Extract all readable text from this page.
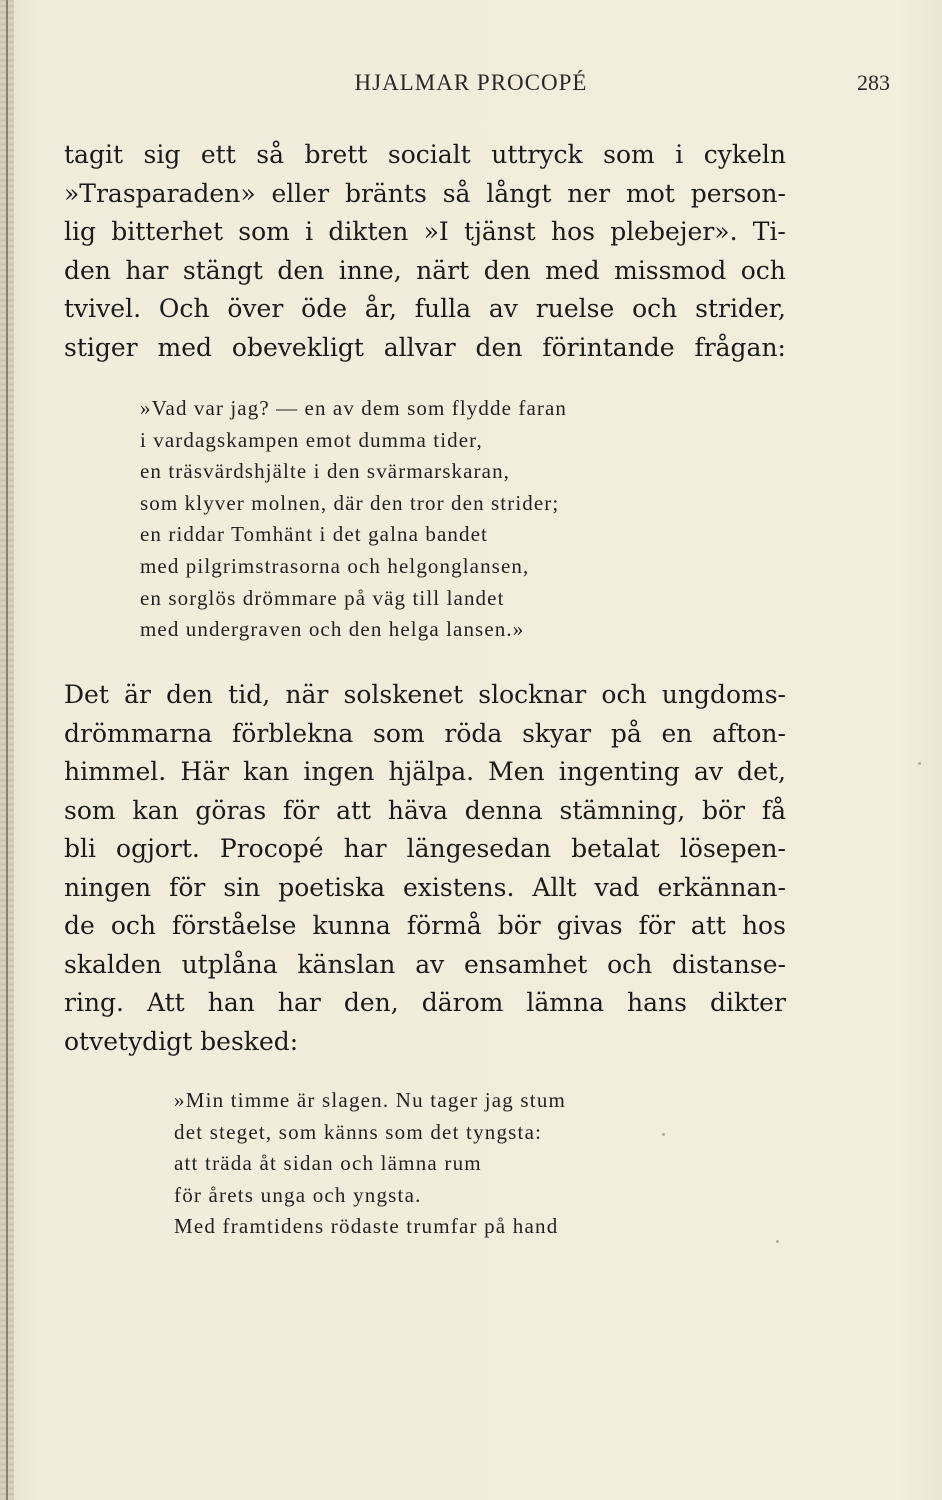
HJALMAR PROCOPÉ	283
tagit sig ett så brett socialt uttryck som i cykeln
»Trasparaden» eller bränts så långt ner mot person-
lig bitterhet som i dikten »I tjänst hos plebejer». Ti-
den har stängt den inne, närt den med missmod och
tvivel. Och över öde år, fulla av ruelse och strider,
stiger med obevekligt allvar den förintande frågan:
»Vad var jag? — en av dem som flydde faran
i vardagskampen emot dumma tider,
en träsvärdshjälte i den svärmarskaran,
som klyver molnen, där den tror den strider;
en riddar Tomhänt i det galna bandet
med pilgrimstrasorna och helgonglansen,
en sorglös drömmare på väg till landet
med undergraven och den helga lansen.»
Det är den tid, när solskenet slocknar och ungdoms-
drömmarna förblekna som röda skyar på en afton-
himmel. Här kan ingen hjälpa. Men ingenting av det,
som kan göras för att häva denna stämning, bör få
bli ogjort. Procopé har längesedan betalat lösepen-
ningen för sin poetiska existens. Allt vad erkännan-
de och förståelse kunna förmå bör givas för att hos
skalden utplåna känslan av ensamhet och distanse-
ring. Att han har den, därom lämna hans dikter
otvetydigt besked:
»Min timme är slagen. Nu tager jag stum
det steget, som känns som det tyngsta:
att träda åt sidan och lämna rum
för årets unga och yngsta.
Med framtidens rödaste trumfar på hand
